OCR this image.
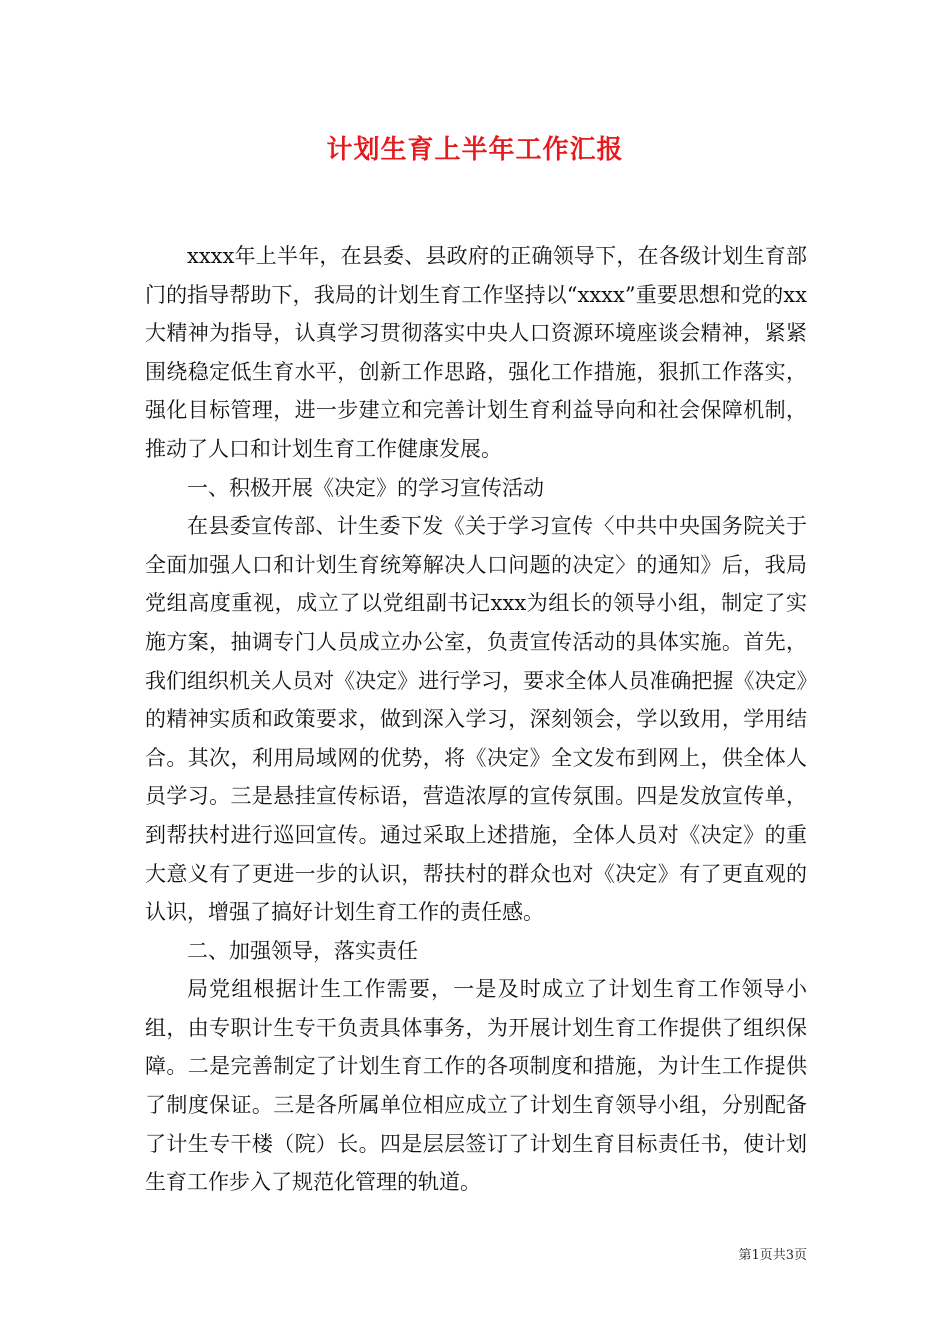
计划生育上半年工作汇报

xxxx年上半年，在县委、县政府的正确领导下，在各级计划生育部门的指导帮助下，我局的计划生育工作坚持以“xxxx”重要思想和党的xx大精神为指导，认真学习贯彻落实中央人口资源环境座谈会精神，紧紧围绕稳定低生育水平，创新工作思路，强化工作措施，狠抓工作落实，强化目标管理，进一步建立和完善计划生育利益导向和社会保障机制，推动了人口和计划生育工作健康发展。

一、积极开展《决定》的学习宣传活动

在县委宣传部、计生委下发《关于学习宣传〈中共中央国务院关于全面加强人口和计划生育统筹解决人口问题的决定〉的通知》后，我局党组高度重视，成立了以党组副书记xxx为组长的领导小组，制定了实施方案，抽调专门人员成立办公室，负责宣传活动的具体实施。首先，我们组织机关人员对《决定》进行学习，要求全体人员准确把握《决定》的精神实质和政策要求，做到深入学习，深刻领会，学以致用，学用结合。其次，利用局域网的优势，将《决定》全文发布到网上，供全体人员学习。三是悬挂宣传标语，营造浓厚的宣传氛围。四是发放宣传单，到帮扶村进行巡回宣传。通过采取上述措施，全体人员对《决定》的重大意义有了更进一步的认识，帮扶村的群众也对《决定》有了更直观的认识，增强了搞好计划生育工作的责任感。

二、加强领导，落实责任

局党组根据计生工作需要，一是及时成立了计划生育工作领导小组，由专职计生专干负责具体事务，为开展计划生育工作提供了组织保障。二是完善制定了计划生育工作的各项制度和措施，为计生工作提供了制度保证。三是各所属单位相应成立了计划生育领导小组，分别配备了计生专干楼（院）长。四是层层签订了计划生育目标责任书，使计划生育工作步入了规范化管理的轨道。

第1页共3页
